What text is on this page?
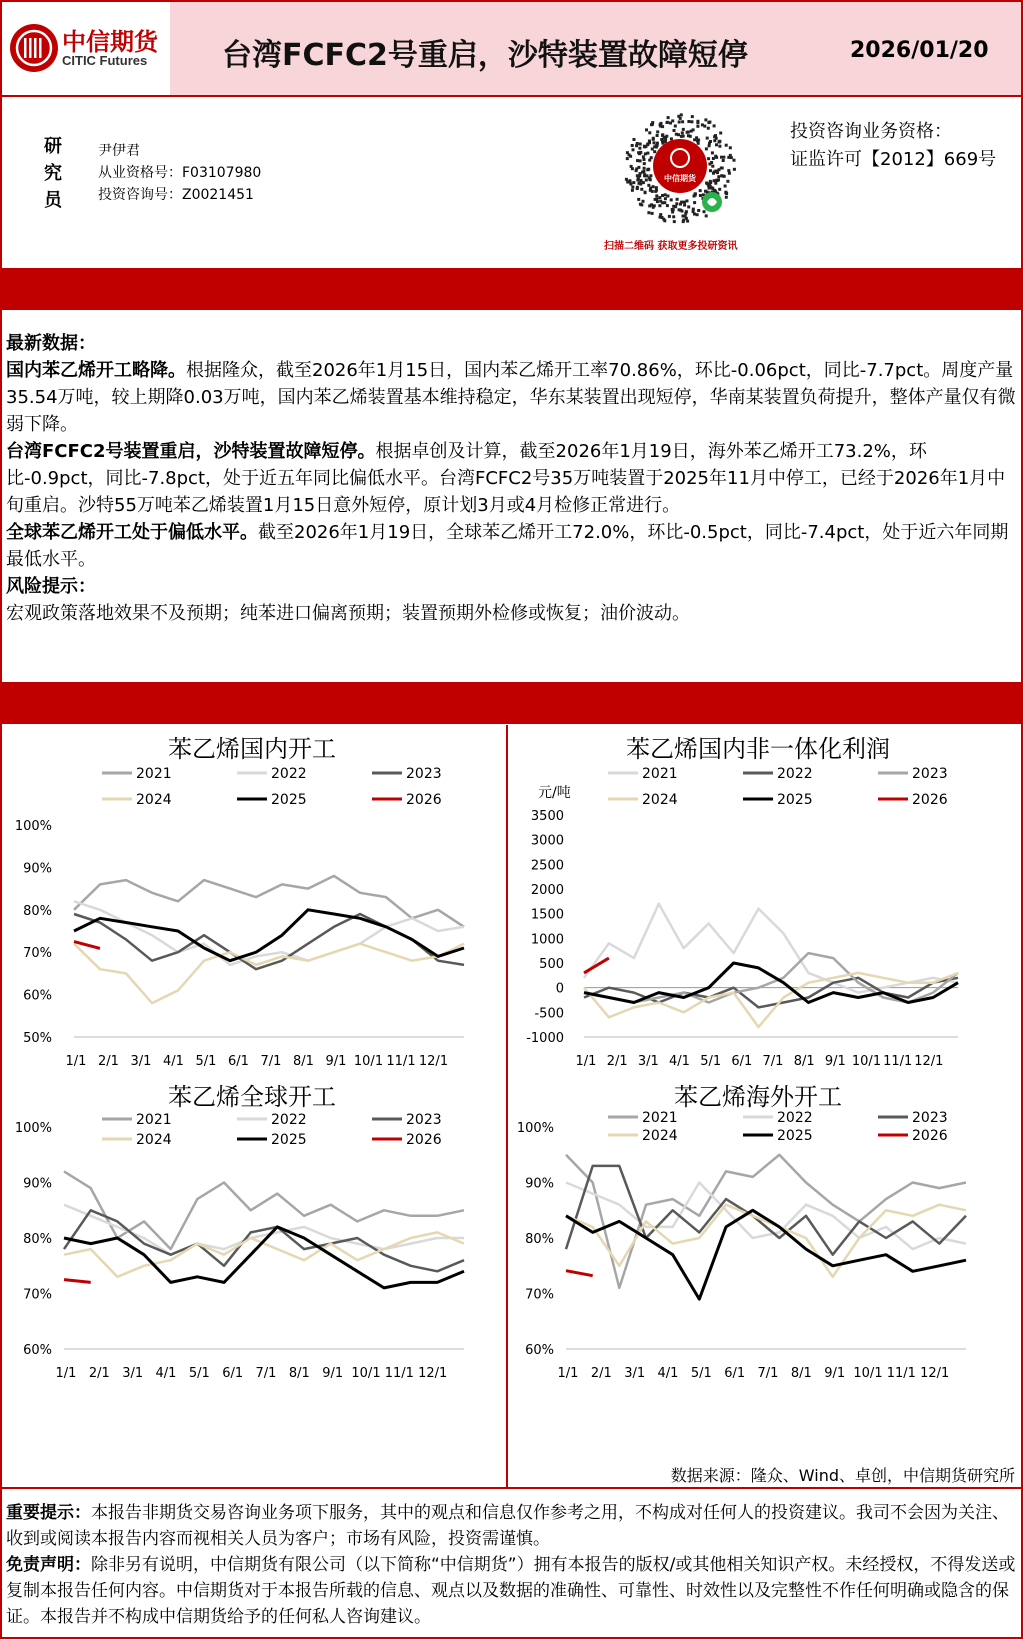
中信期货
CITIC Futures 台湾FCFC2号重启，沙特装置故障短停	2026/01/20
研究员
尹伊君
从业资格号：F03107980
投资咨询号：Z0021451
中信期货
扫描二维码 获取更多投研资讯
投资咨询业务资格：
证监许可【2012】669号
最新数据：
国内苯乙烯开工略降。根据隆众，截至2026年1月15日，国内苯乙烯开工率70.86%，环比-0.06pct，同比-7.7pct。周度产量35.54万吨，较上期降0.03万吨，国内苯乙烯装置基本维持稳定，华东某装置出现短停，华南某装置负荷提升，整体产量仅有微弱下降。
台湾FCFC2号装置重启，沙特装置故障短停。根据卓创及计算，截至2026年1月19日，海外苯乙烯开工73.2%，环比-0.9pct，同比-7.8pct，处于近五年同比偏低水平。台湾FCFC2号35万吨装置于2025年11月中停工，已经于2026年1月中旬重启。沙特55万吨苯乙烯装置1月15日意外短停，原计划3月或4月检修正常进行。
全球苯乙烯开工处于偏低水平。截至2026年1月19日，全球苯乙烯开工72.0%，环比-0.5pct，同比-7.4pct，处于近六年同期最低水平。
风险提示：
宏观政策落地效果不及预期；纯苯进口偏离预期；装置预期外检修或恢复；油价波动。
苯乙烯国内开工
2021	2022	2023
2024	2025	2026
50%
60%
70%
80%
90%
100%
1/1 2/1 3/1 4/1 5/1 6/1 7/1 8/1 9/1 10/1 11/1 12/1
苯乙烯国内非一体化利润
元/吨
2021	2022	2023
2024	2025	2026
-1000
-500
0
500
1000
1500
2000
2500
3000
3500
1/1 2/1 3/1 4/1 5/1 6/1 7/1 8/1 9/1 10/1 11/1 12/1
苯乙烯全球开工
2021	2022	2023
2024	2025	2026
60%
70%
80%
90%
100%
1/1 2/1 3/1 4/1 5/1 6/1 7/1 8/1 9/1 10/1 11/1 12/1
苯乙烯海外开工
2021	2022	2023
2024	2025	2026
60%
70%
80%
90%
100%
1/1 2/1 3/1 4/1 5/1 6/1 7/1 8/1 9/1 10/1 11/1 12/1
数据来源：隆众、Wind、卓创，中信期货研究所
重要提示：本报告非期货交易咨询业务项下服务，其中的观点和信息仅作参考之用，不构成对任何人的投资建议。我司不会因为关注、收到或阅读本报告内容而视相关人员为客户；市场有风险，投资需谨慎。
免责声明：除非另有说明，中信期货有限公司（以下简称“中信期货”）拥有本报告的版权/或其他相关知识产权。未经授权，不得发送或复制本报告任何内容。中信期货对于本报告所载的信息、观点以及数据的准确性、可靠性、时效性以及完整性不作任何明确或隐含的保证。本报告并不构成中信期货给予的任何私人咨询建议。
